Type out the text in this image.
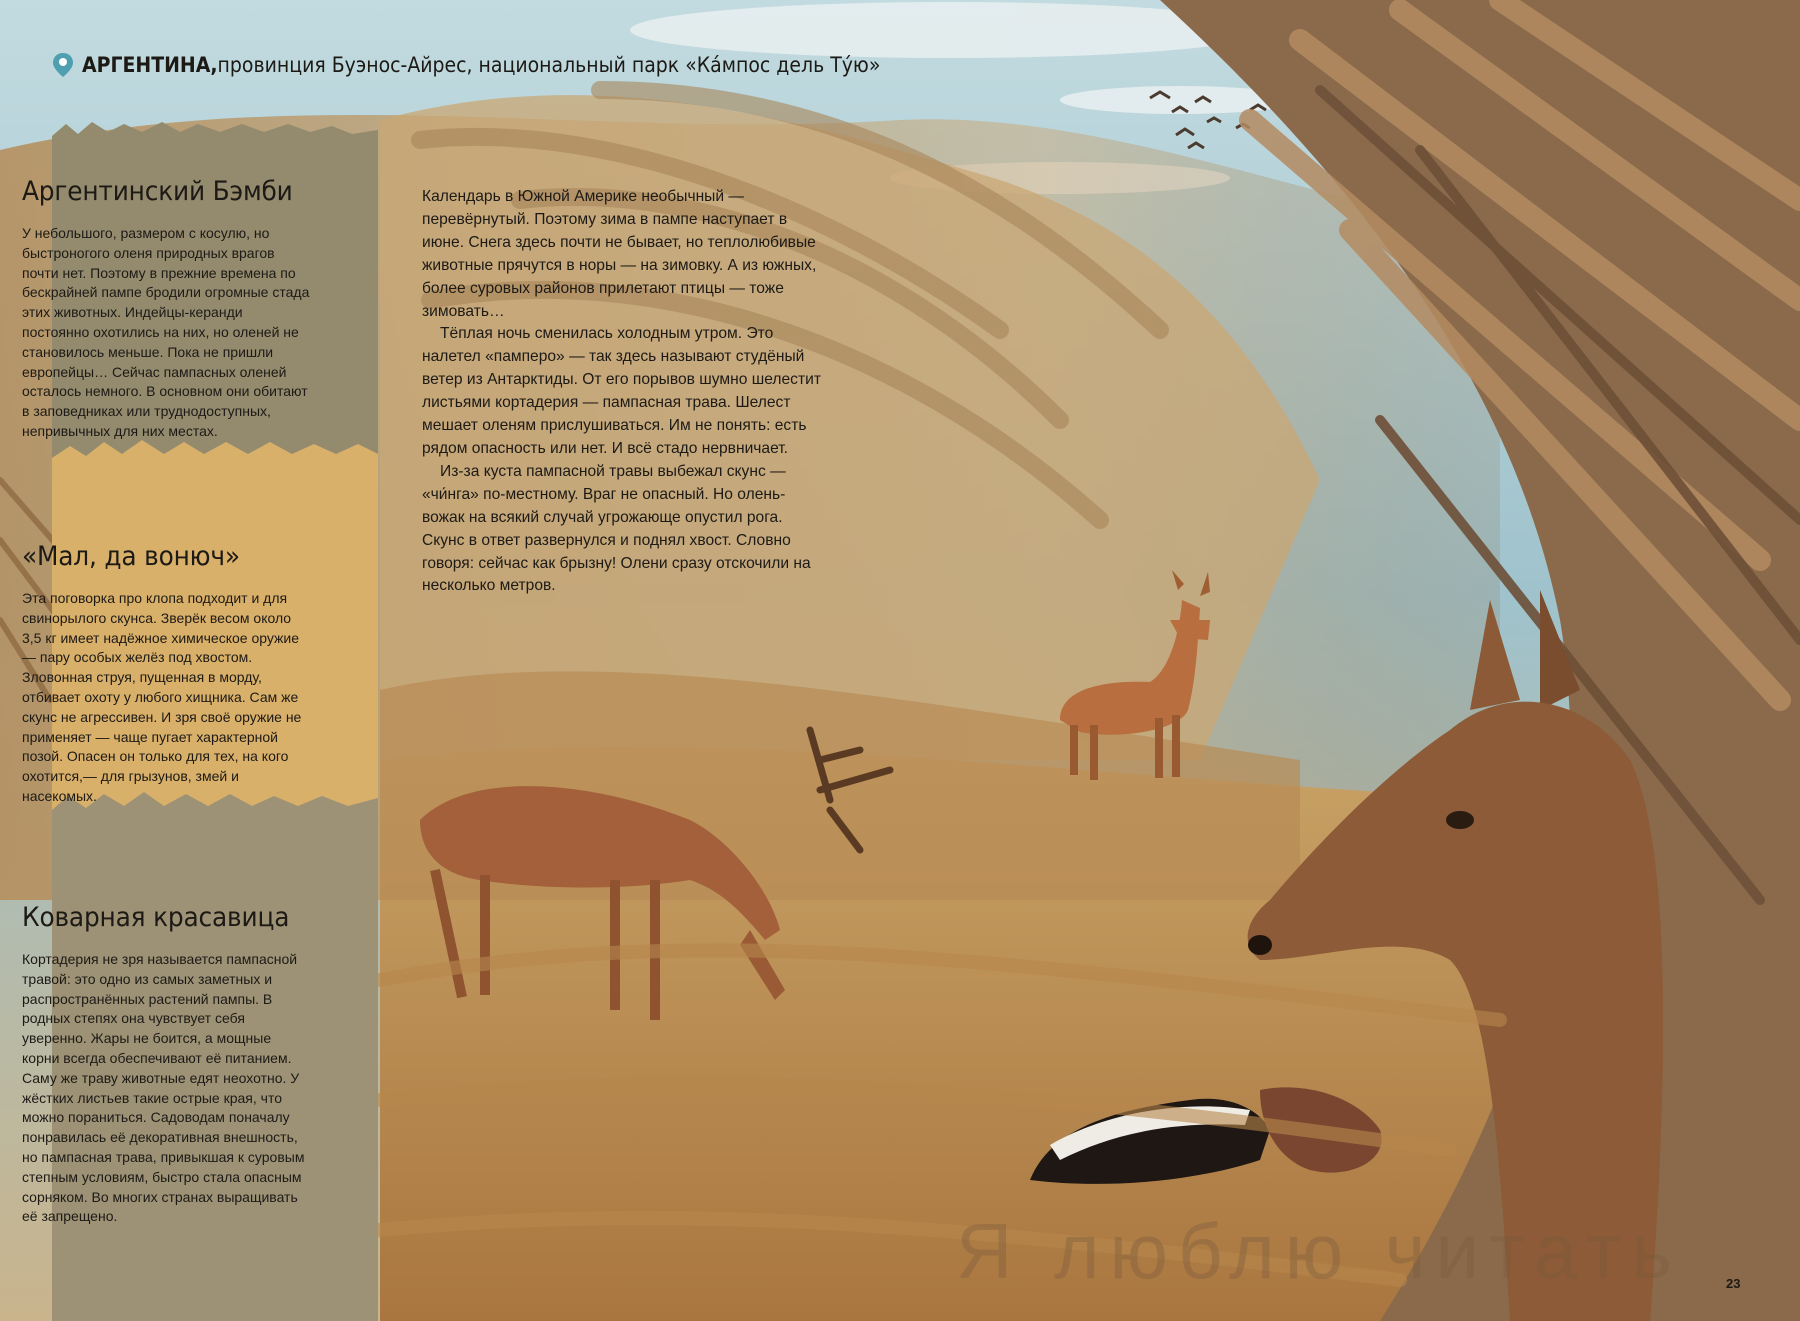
АРГЕНТИНА, провинция Буэнос-Айрес, национальный парк «Ка́мпос дель Ту́ю»
Аргентинский Бэмби

У небольшого, размером с косулю, но быстроногого оленя природных врагов почти нет. Поэтому в прежние времена по бескрайней пампе бродили огромные стада этих животных. Индейцы-керанди постоянно охотились на них, но оленей не становилось меньше. Пока не пришли европейцы… Сейчас пампасных оленей осталось немного. В основном они обитают в заповедниках или труднодоступных, непривычных для них местах.

«Мал, да вонюч»

Эта поговорка про клопа подходит и для свинорылого скунса. Зверёк весом около 3,5 кг имеет надёжное химическое оружие — пару особых желёз под хвостом. Зловонная струя, пущенная в морду, отбивает охоту у любого хищника. Сам же скунс не агрессивен. И зря своё оружие не применяет — чаще пугает характерной позой. Опасен он только для тех, на кого охотится,— для грызунов, змей и насекомых.

Коварная красавица

Кортадерия не зря называется пампасной травой: это одно из самых заметных и распространённых растений пампы. В родных степях она чувствует себя уверенно. Жары не боится, а мощные корни всегда обеспечивают её питанием. Саму же траву животные едят неохотно. У жёстких листьев такие острые края, что можно пораниться. Садоводам поначалу понравилась её декоративная внешность, но пампасная трава, привыкшая к суровым степным условиям, быстро стала опасным сорняком. Во многих странах выращивать её запрещено.

Календарь в Южной Америке необычный — перевёрнутый. Поэтому зима в пампе наступает в июне. Снега здесь почти не бывает, но теплолюбивые животные прячутся в норы — на зимовку. А из южных, более суровых районов прилетают птицы — тоже зимовать…

Тёплая ночь сменилась холодным утром. Это налетел «памперо» — так здесь называют студёный ветер из Антарктиды. От его порывов шумно шелестит листьями кортадерия — пампасная трава. Шелест мешает оленям прислушиваться. Им не понять: есть рядом опасность или нет. И всё стадо нервничает.

Из-за куста пампасной травы выбежал скунс — «чи́нга» по-местному. Враг не опасный. Но олень-вожак на всякий случай угрожающе опустил рога. Скунс в ответ развернулся и поднял хвост. Словно говоря: сейчас как брызну! Олени сразу отскочили на несколько метров.

Я люблю читать	23
